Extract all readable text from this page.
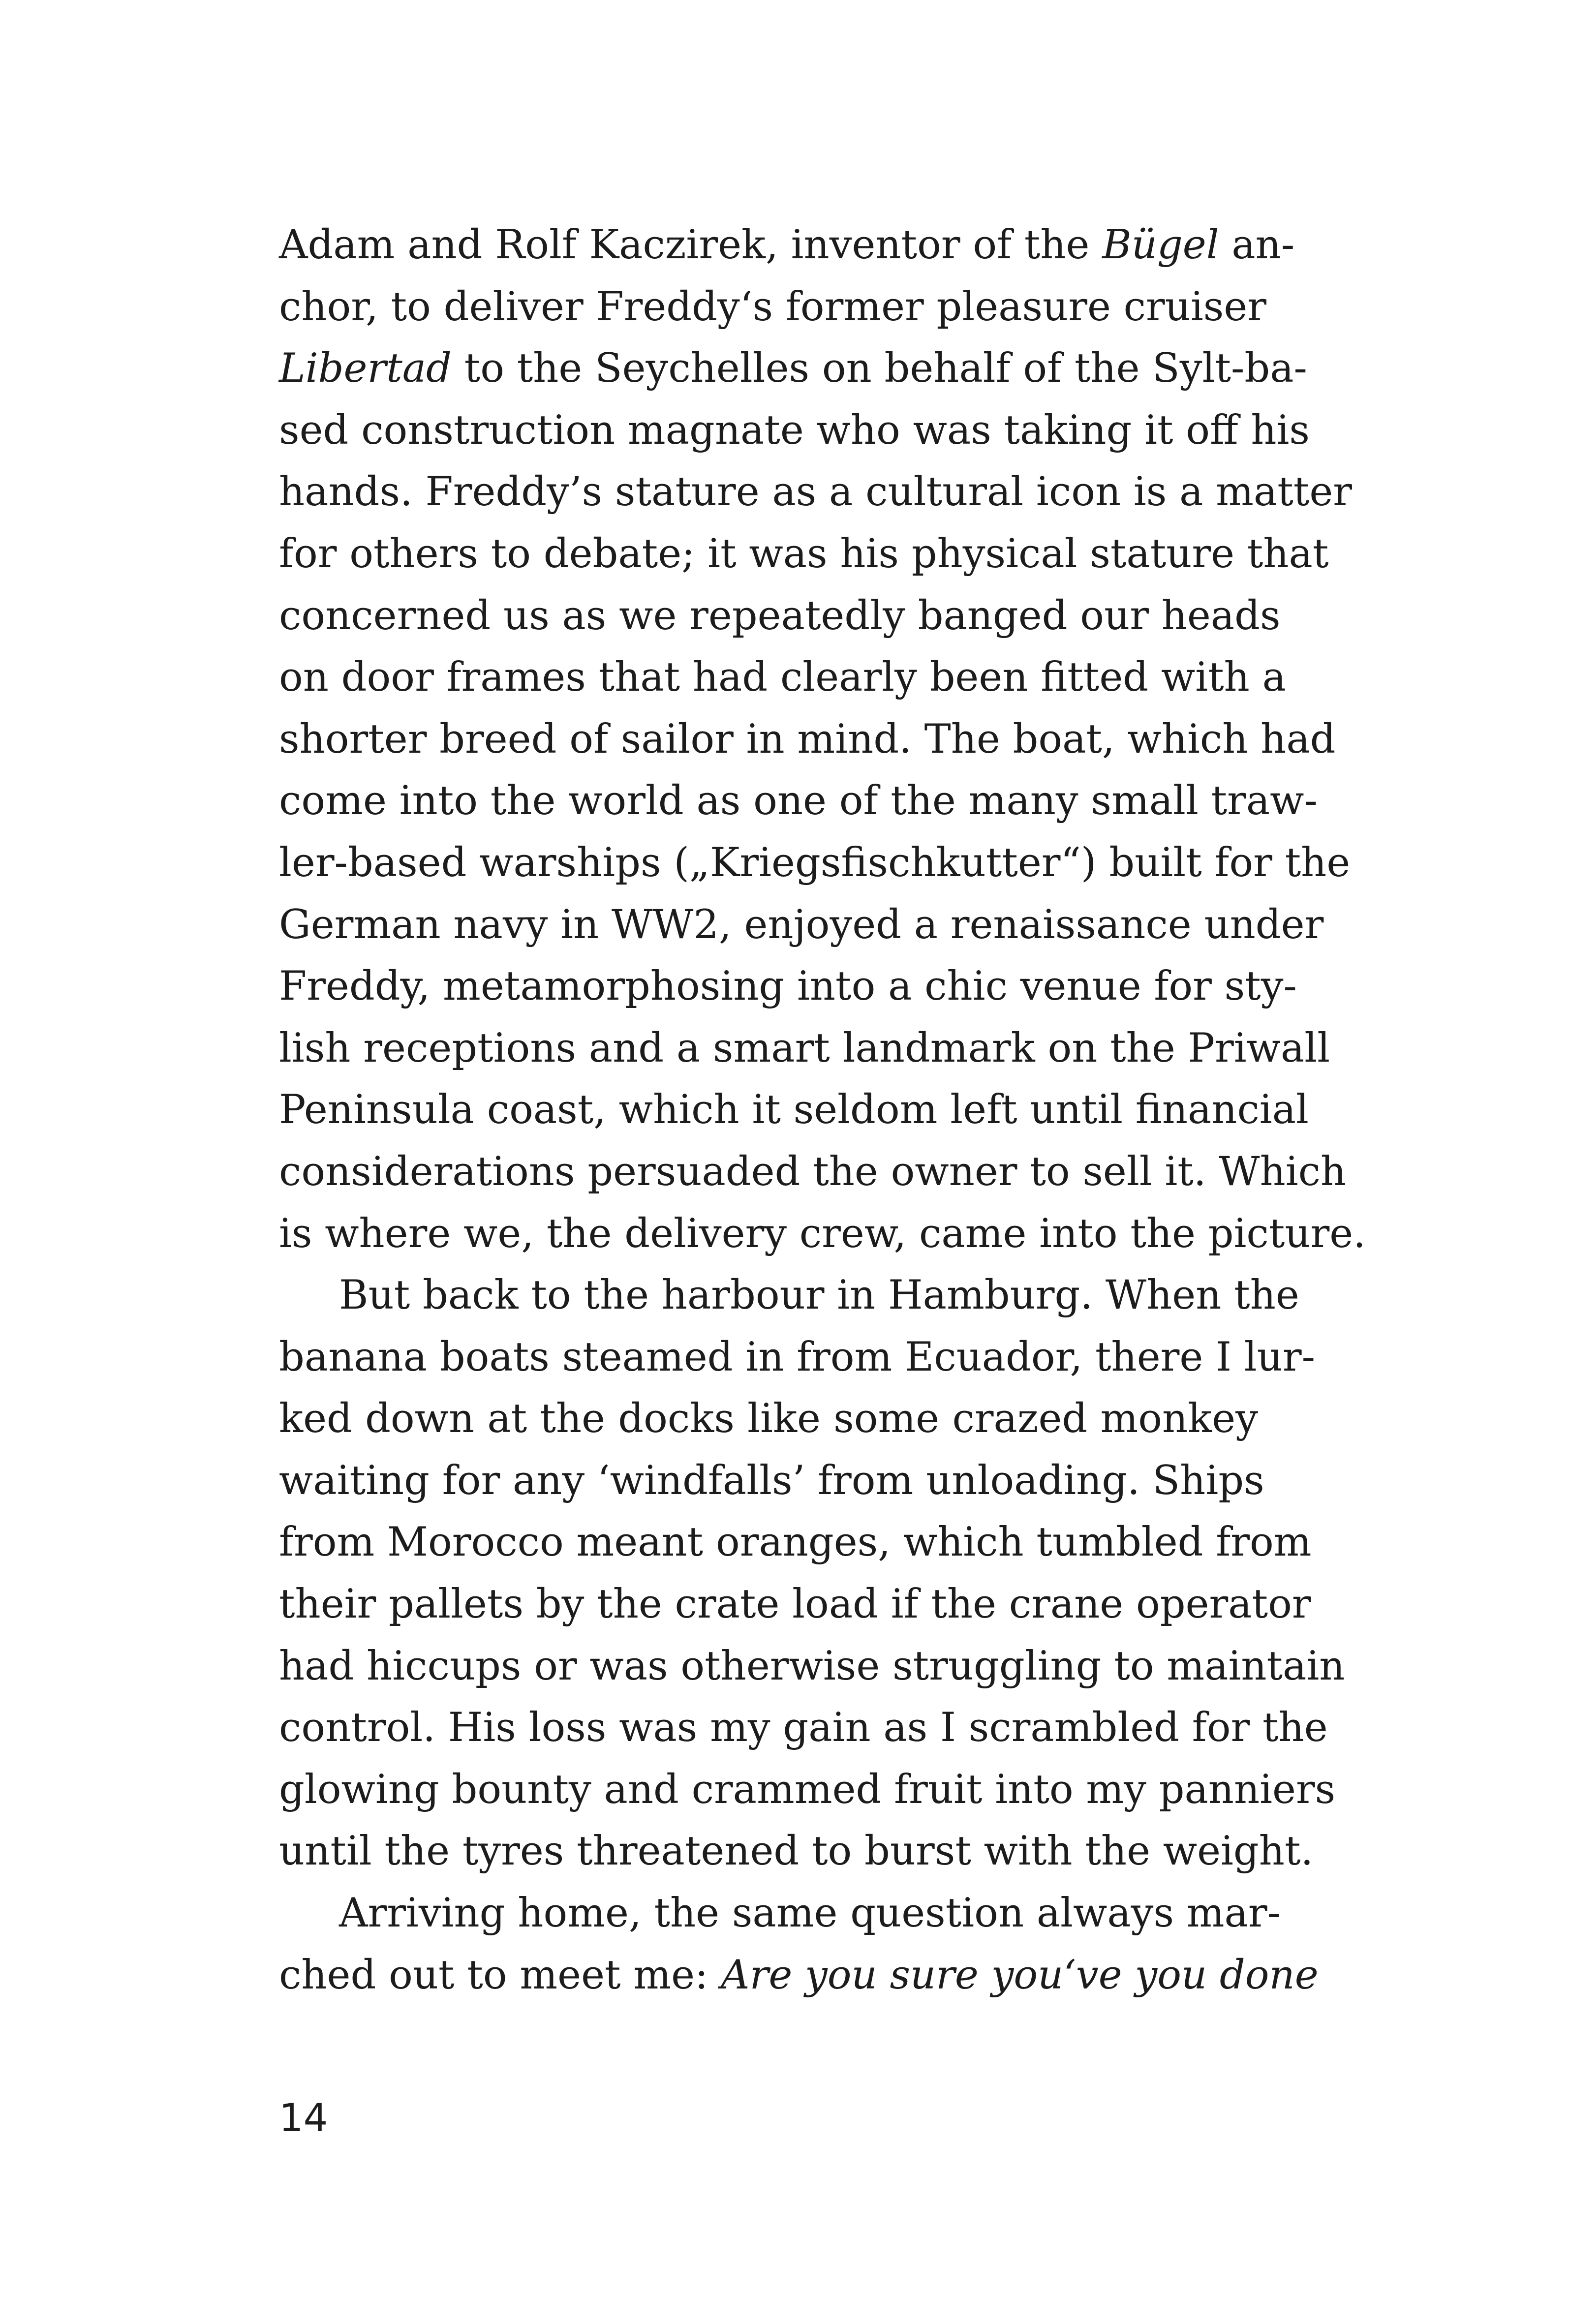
Adam and Rolf Kaczirek, inventor of the Bügel an-
chor, to deliver Freddy‘s former pleasure cruiser
Libertad to the Seychelles on behalf of the Sylt-ba-
sed construction magnate who was taking it off his
hands. Freddy’s stature as a cultural icon is a matter
for others to debate; it was his physical stature that
concerned us as we repeatedly banged our heads
on door frames that had clearly been fitted with a
shorter breed of sailor in mind. The boat, which had
come into the world as one of the many small traw-
ler-based warships („Kriegsfischkutter“) built for the
German navy in WW2, enjoyed a renaissance under
Freddy, metamorphosing into a chic venue for sty-
lish receptions and a smart landmark on the Priwall
Peninsula coast, which it seldom left until financial
considerations persuaded the owner to sell it. Which
is where we, the delivery crew, came into the picture.
But back to the harbour in Hamburg. When the
banana boats steamed in from Ecuador, there I lur-
ked down at the docks like some crazed monkey
waiting for any ‘windfalls’ from unloading. Ships
from Morocco meant oranges, which tumbled from
their pallets by the crate load if the crane operator
had hiccups or was otherwise struggling to maintain
control. His loss was my gain as I scrambled for the
glowing bounty and crammed fruit into my panniers
until the tyres threatened to burst with the weight.
Arriving home, the same question always mar-
ched out to meet me: Are you sure you‘ve you done
14
